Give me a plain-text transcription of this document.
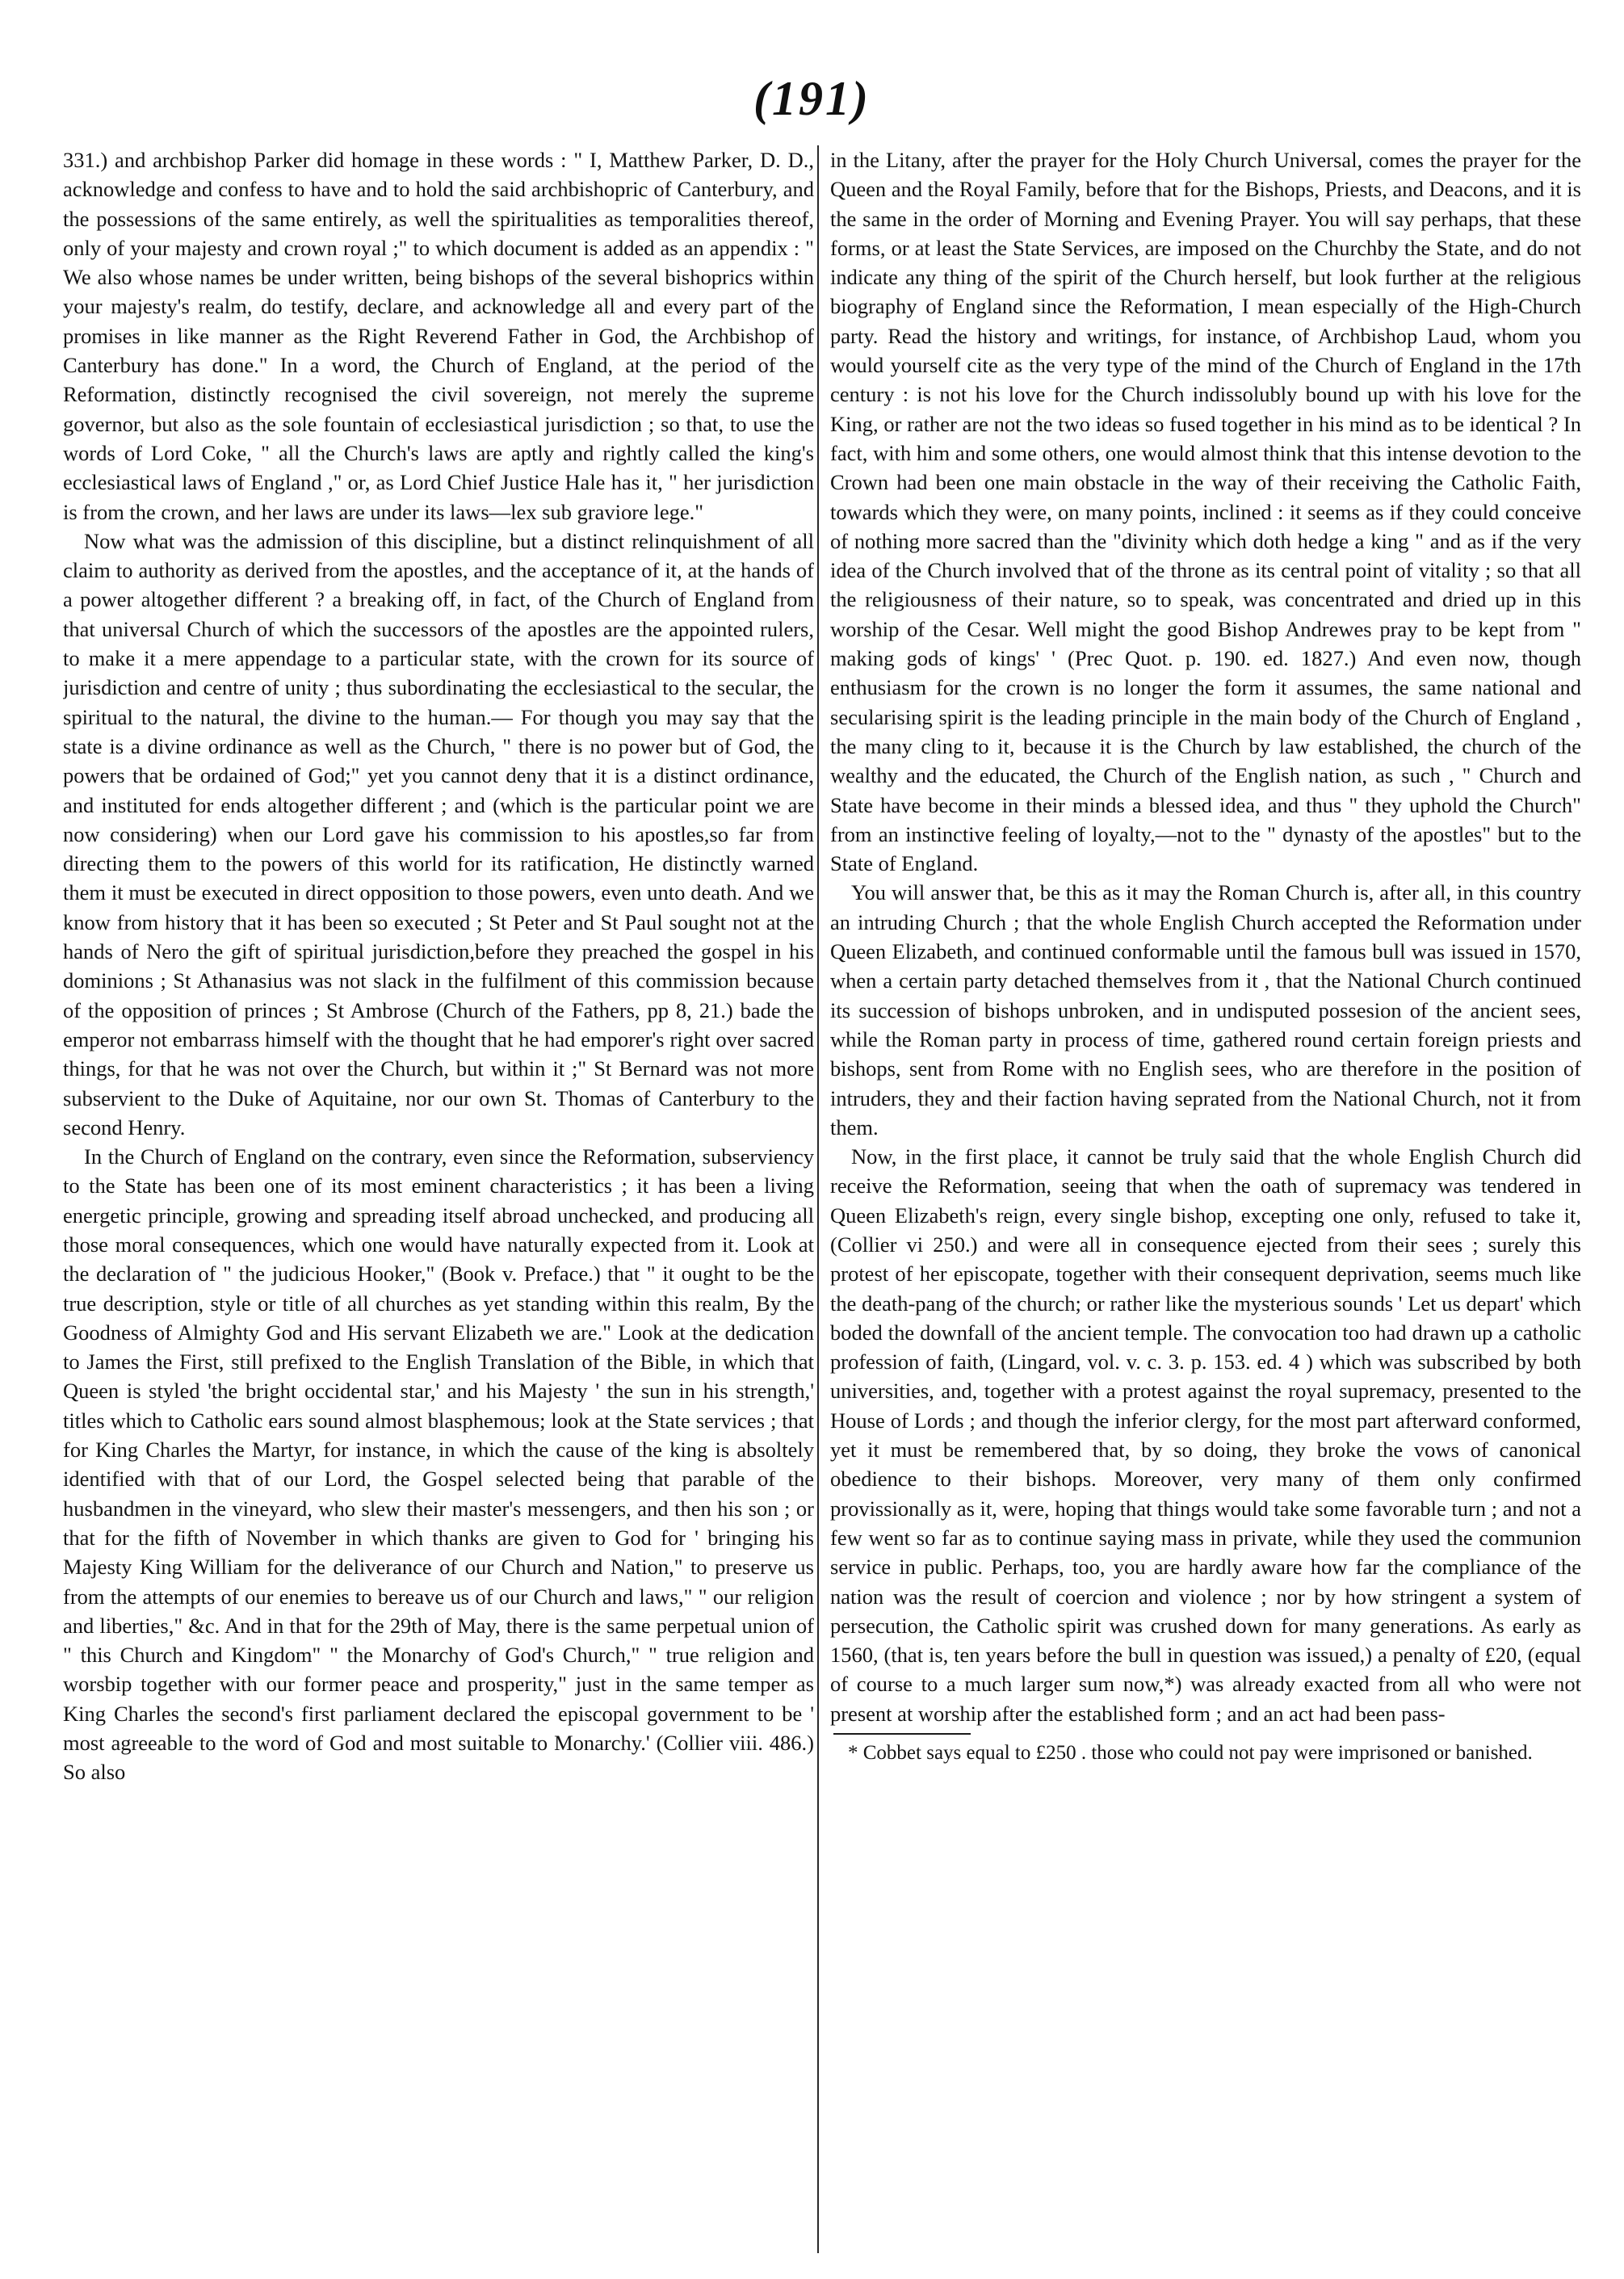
(191)

331.) and archbishop Parker did homage in these words : " I, Matthew Parker, D. D., acknowledge and confess to have and to hold the said archbishopric of Canterbury, and the possessions of the same entirely, as well the spiritualities as temporalities thereof, only of your majesty and crown royal ;" to which document is added as an appendix : " We also whose names be under written, being bishops of the several bishoprics within your majesty's realm, do testify, declare, and acknowledge all and every part of the promises in like manner as the Right Reverend Father in God, the Archbishop of Canterbury has done." In a word, the Church of England, at the period of the Reformation, distinctly recognised the civil sovereign, not merely the supreme governor, but also as the sole fountain of ecclesiastical jurisdiction ; so that, to use the words of Lord Coke, " all the Church's laws are aptly and rightly called the king's ecclesiastical laws of England ," or, as Lord Chief Justice Hale has it, " her jurisdiction is from the crown, and her laws are under its laws—lex sub graviore lege."

Now what was the admission of this discipline, but a distinct relinquishment of all claim to authority as derived from the apostles, and the acceptance of it, at the hands of a power altogether different ? a breaking off, in fact, of the Church of England from that universal Church of which the successors of the apostles are the appointed rulers, to make it a mere appendage to a particular state, with the crown for its source of jurisdiction and centre of unity ; thus subordinating the ecclesiastical to the secular, the spiritual to the natural, the divine to the human.— For though you may say that the state is a divine ordinance as well as the Church, " there is no power but of God, the powers that be ordained of God;" yet you cannot deny that it is a distinct ordinance, and instituted for ends altogether different ; and (which is the particular point we are now considering) when our Lord gave his commission to his apostles,so far from directing them to the powers of this world for its ratification, He distinctly warned them it must be executed in direct opposition to those powers, even unto death. And we know from history that it has been so executed ; St Peter and St Paul sought not at the hands of Nero the gift of spiritual jurisdiction,before they preached the gospel in his dominions ; St Athanasius was not slack in the fulfilment of this commission because of the opposition of princes ; St Ambrose (Church of the Fathers, pp 8, 21.) bade the emperor not embarrass himself with the thought that he had emporer's right over sacred things, for that he was not over the Church, but within it ;" St Bernard was not more subservient to the Duke of Aquitaine, nor our own St. Thomas of Canterbury to the second Henry.

In the Church of England on the contrary, even since the Reformation, subserviency to the State has been one of its most eminent characteristics ; it has been a living energetic principle, growing and spreading itself abroad unchecked, and producing all those moral consequences, which one would have naturally expected from it. Look at the declaration of " the judicious Hooker," (Book v. Preface.) that " it ought to be the true description, style or title of all churches as yet standing within this realm, By the Goodness of Almighty God and His servant Elizabeth we are." Look at the dedication to James the First, still prefixed to the English Translation of the Bible, in which that Queen is styled 'the bright occidental star,' and his Majesty ' the sun in his strength,' titles which to Catholic ears sound almost blasphemous; look at the State services ; that for King Charles the Martyr, for instance, in which the cause of the king is absoltely identified with that of our Lord, the Gospel selected being that parable of the husbandmen in the vineyard, who slew their master's messengers, and then his son ; or that for the fifth of November in which thanks are given to God for ' bringing his Majesty King William for the deliverance of our Church and Nation," to preserve us from the attempts of our enemies to bereave us of our Church and laws," " our religion and liberties," &c. And in that for the 29th of May, there is the same perpetual union of " this Church and Kingdom" " the Monarchy of God's Church," " true religion and worsbip together with our former peace and prosperity," just in the same temper as King Charles the second's first parliament declared the episcopal government to be ' most agreeable to the word of God and most suitable to Monarchy.' (Collier viii. 486.) So also

in the Litany, after the prayer for the Holy Church Universal, comes the prayer for the Queen and the Royal Family, before that for the Bishops, Priests, and Deacons, and it is the same in the order of Morning and Evening Prayer. You will say perhaps, that these forms, or at least the State Services, are imposed on the Churchby the State, and do not indicate any thing of the spirit of the Church herself, but look further at the religious biography of England since the Reformation, I mean especially of the High-Church party. Read the history and writings, for instance, of Archbishop Laud, whom you would yourself cite as the very type of the mind of the Church of England in the 17th century : is not his love for the Church indissolubly bound up with his love for the King, or rather are not the two ideas so fused together in his mind as to be identical ? In fact, with him and some others, one would almost think that this intense devotion to the Crown had been one main obstacle in the way of their receiving the Catholic Faith, towards which they were, on many points, inclined : it seems as if they could conceive of nothing more sacred than the "divinity which doth hedge a king " and as if the very idea of the Church involved that of the throne as its central point of vitality ; so that all the religiousness of their nature, so to speak, was concentrated and dried up in this worship of the Cesar. Well might the good Bishop Andrewes pray to be kept from " making gods of kings' ' (Prec Quot. p. 190. ed. 1827.) And even now, though enthusiasm for the crown is no longer the form it assumes, the same national and secularising spirit is the leading principle in the main body of the Church of England , the many cling to it, because it is the Church by law established, the church of the wealthy and the educated, the Church of the English nation, as such , " Church and State have become in their minds a blessed idea, and thus " they uphold the Church" from an instinctive feeling of loyalty,—not to the " dynasty of the apostles" but to the State of England.

You will answer that, be this as it may the Roman Church is, after all, in this country an intruding Church ; that the whole English Church accepted the Reformation under Queen Elizabeth, and continued conformable until the famous bull was issued in 1570, when a certain party detached themselves from it , that the National Church continued its succession of bishops unbroken, and in undisputed possesion of the ancient sees, while the Roman party in process of time, gathered round certain foreign priests and bishops, sent from Rome with no English sees, who are therefore in the position of intruders, they and their faction having seprated from the National Church, not it from them.

Now, in the first place, it cannot be truly said that the whole English Church did receive the Reformation, seeing that when the oath of supremacy was tendered in Queen Elizabeth's reign, every single bishop, excepting one only, refused to take it, (Collier vi 250.) and were all in consequence ejected from their sees ; surely this protest of her episcopate, together with their consequent deprivation, seems much like the death-pang of the church; or rather like the mysterious sounds ' Let us depart' which boded the downfall of the ancient temple. The convocation too had drawn up a catholic profession of faith, (Lingard, vol. v. c. 3. p. 153. ed. 4 ) which was subscribed by both universities, and, together with a protest against the royal supremacy, presented to the House of Lords ; and though the inferior clergy, for the most part afterward conformed, yet it must be remembered that, by so doing, they broke the vows of canonical obedience to their bishops. Moreover, very many of them only confirmed provissionally as it, were, hoping that things would take some favorable turn ; and not a few went so far as to continue saying mass in private, while they used the communion service in public. Perhaps, too, you are hardly aware how far the compliance of the nation was the result of coercion and violence ; nor by how stringent a system of persecution, the Catholic spirit was crushed down for many generations. As early as 1560, (that is, ten years before the bull in question was issued,) a penalty of £20, (equal of course to a much larger sum now,*) was already exacted from all who were not present at worship after the established form ; and an act had been pass-

* Cobbet says equal to £250 . those who could not pay were imprisoned or banished.
